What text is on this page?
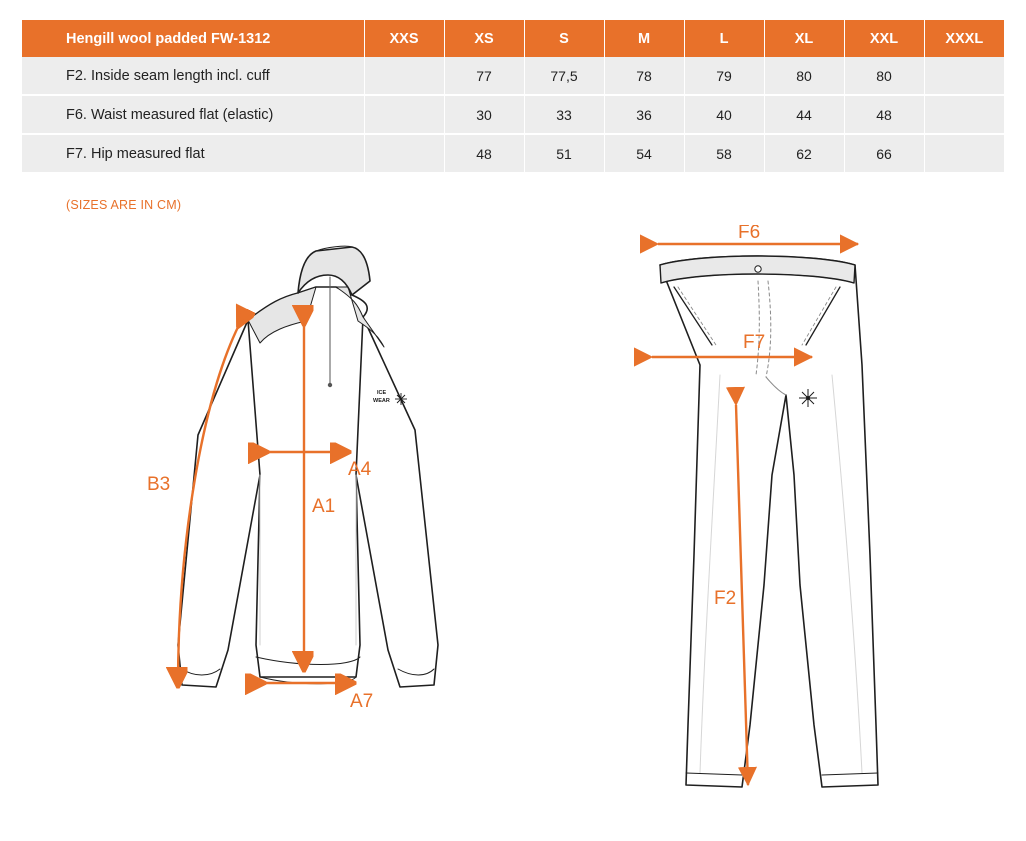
Hengill wool padded FW-1312	XXS	XS	S	M	L	XL	XXL	XXXL
F2. Inside seam length incl. cuff		77	77,5	78	79	80	80	
F6. Waist measured flat (elastic)		30	33	36	40	44	48	
F7. Hip measured flat		48	51	54	58	62	66	
(SIZES ARE IN CM)
ICE
WEAR
B3
A4
A1
A7
F6
F7
F2
